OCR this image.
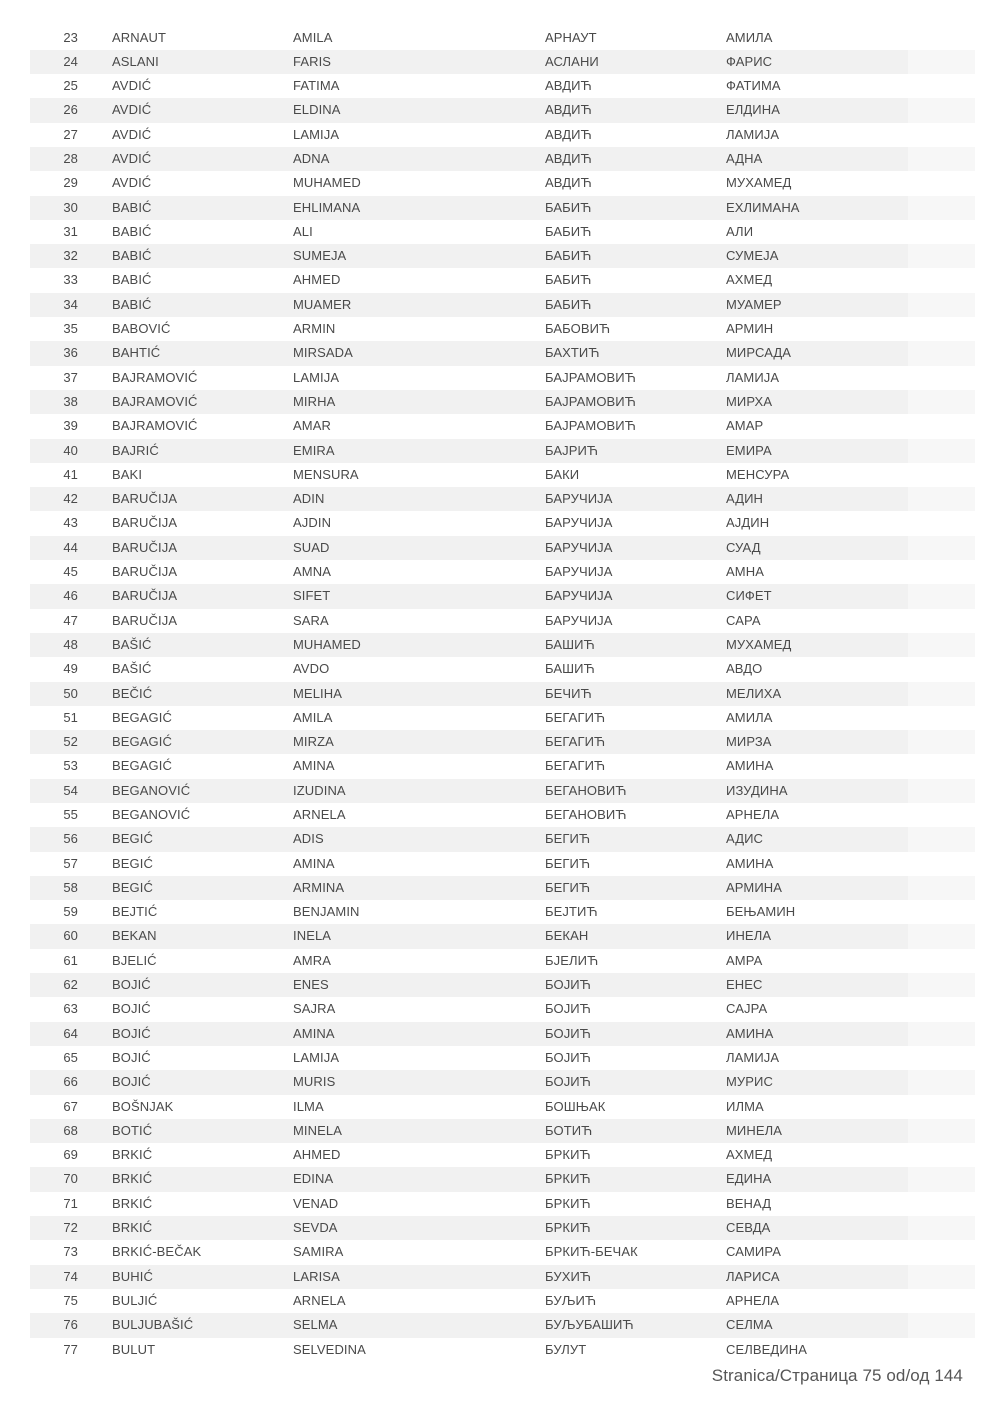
23	ARNAUT	AMILA	АРНАУТ	АМИЛА
24	ASLANI	FARIS	АСЛАНИ	ФАРИС
25	AVDIĆ	FATIMA	АВДИЋ	ФАТИМА
26	AVDIĆ	ELDINA	АВДИЋ	ЕЛДИНА
27	AVDIĆ	LAMIJA	АВДИЋ	ЛАМИЈА
28	AVDIĆ	ADNA	АВДИЋ	АДНА
29	AVDIĆ	MUHAMED	АВДИЋ	МУХАМЕД
30	BABIĆ	EHLIMANA	БАБИЋ	ЕХЛИМАНА
31	BABIĆ	ALI	БАБИЋ	АЛИ
32	BABIĆ	SUMEJA	БАБИЋ	СУМЕЈА
33	BABIĆ	AHMED	БАБИЋ	АХМЕД
34	BABIĆ	MUAMER	БАБИЋ	МУАМЕР
35	BABOVIĆ	ARMIN	БАБОВИЋ	АРМИН
36	BAHTIĆ	MIRSADA	БАХТИЋ	МИРСАДА
37	BAJRAMOVIĆ	LAMIJA	БАЈРАМОВИЋ	ЛАМИЈА
38	BAJRAMOVIĆ	MIRHA	БАЈРАМОВИЋ	МИРХА
39	BAJRAMOVIĆ	AMAR	БАЈРАМОВИЋ	АМАР
40	BAJRIĆ	EMIRA	БАЈРИЋ	ЕМИРА
41	BAKI	MENSURA	БАКИ	МЕНСУРА
42	BARUČIJA	ADIN	БАРУЧИЈА	АДИН
43	BARUČIJA	AJDIN	БАРУЧИЈА	АЈДИН
44	BARUČIJA	SUAD	БАРУЧИЈА	СУАД
45	BARUČIJA	AMNA	БАРУЧИЈА	АМНА
46	BARUČIJA	SIFET	БАРУЧИЈА	СИФЕТ
47	BARUČIJA	SARA	БАРУЧИЈА	САРА
48	BAŠIĆ	MUHAMED	БАШИЋ	МУХАМЕД
49	BAŠIĆ	AVDO	БАШИЋ	АВДО
50	BEČIĆ	MELIHA	БЕЧИЋ	МЕЛИХА
51	BEGAGIĆ	AMILA	БЕГАГИЋ	АМИЛА
52	BEGAGIĆ	MIRZA	БЕГАГИЋ	МИРЗА
53	BEGAGIĆ	AMINA	БЕГАГИЋ	АМИНА
54	BEGANOVIĆ	IZUDINA	БЕГАНОВИЋ	ИЗУДИНА
55	BEGANOVIĆ	ARNELA	БЕГАНОВИЋ	АРНЕЛА
56	BEGIĆ	ADIS	БЕГИЋ	АДИС
57	BEGIĆ	AMINA	БЕГИЋ	АМИНА
58	BEGIĆ	ARMINA	БЕГИЋ	АРМИНА
59	BEJTIĆ	BENJAMIN	БЕЈТИЋ	БЕЊАМИН
60	BEKAN	INELA	БЕКАН	ИНЕЛА
61	BJELIĆ	AMRA	БЈЕЛИЋ	АМРА
62	BOJIĆ	ENES	БОЈИЋ	ЕНЕС
63	BOJIĆ	SAJRA	БОЈИЋ	САЈРА
64	BOJIĆ	AMINA	БОЈИЋ	АМИНА
65	BOJIĆ	LAMIJA	БОЈИЋ	ЛАМИЈА
66	BOJIĆ	MURIS	БОЈИЋ	МУРИС
67	BOŠNJAK	ILMA	БОШЊАК	ИЛМА
68	BOTIĆ	MINELA	БОТИЋ	МИНЕЛА
69	BRKIĆ	AHMED	БРКИЋ	АХМЕД
70	BRKIĆ	EDINA	БРКИЋ	ЕДИНА
71	BRKIĆ	VENAD	БРКИЋ	ВЕНАД
72	BRKIĆ	SEVDA	БРКИЋ	СЕВДА
73	BRKIĆ-BEČAK	SAMIRA	БРКИЋ-БЕЧАК	САМИРА
74	BUHIĆ	LARISA	БУХИЋ	ЛАРИСА
75	BULJIĆ	ARNELA	БУЉИЋ	АРНЕЛА
76	BULJUBAŠIĆ	SELMA	БУЉУБАШИЋ	СЕЛМА
77	BULUT	SELVEDINA	БУЛУТ	СЕЛВЕДИНА
Stranica/Страница 75 od/од 144
